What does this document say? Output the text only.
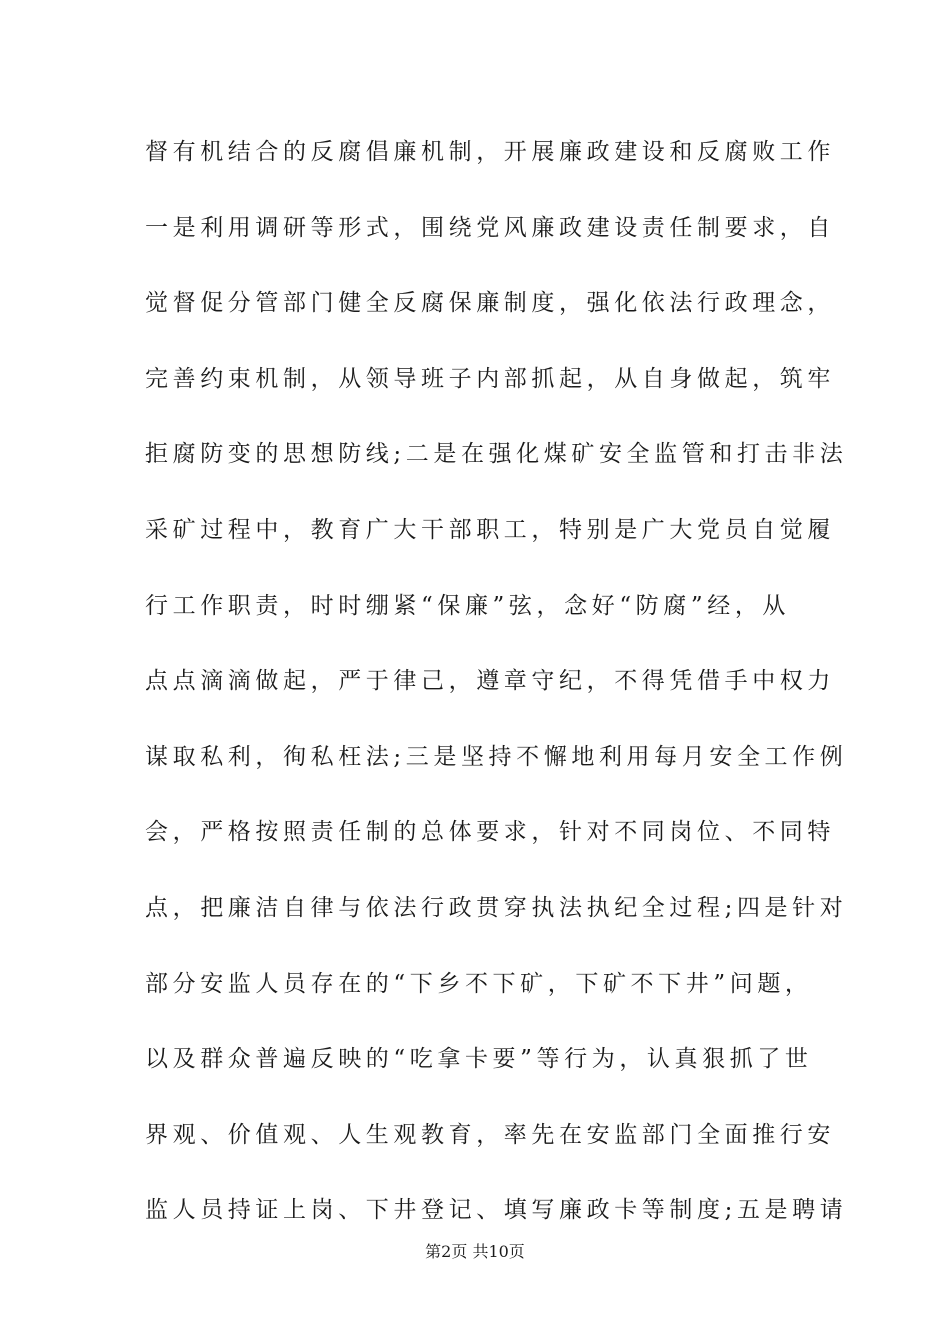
督有机结合的反腐倡廉机制，开展廉政建设和反腐败工作
一是利用调研等形式，围绕党风廉政建设责任制要求，自
觉督促分管部门健全反腐保廉制度，强化依法行政理念，
完善约束机制，从领导班子内部抓起，从自身做起，筑牢
拒腐防变的思想防线;二是在强化煤矿安全监管和打击非法
采矿过程中，教育广大干部职工，特别是广大党员自觉履
行工作职责，时时绷紧“保廉”弦，念好“防腐”经，从
点点滴滴做起，严于律己，遵章守纪，不得凭借手中权力
谋取私利，徇私枉法;三是坚持不懈地利用每月安全工作例
会，严格按照责任制的总体要求，针对不同岗位、不同特
点，把廉洁自律与依法行政贯穿执法执纪全过程;四是针对
部分安监人员存在的“下乡不下矿，下矿不下井”问题，
以及群众普遍反映的“吃拿卡要”等行为，认真狠抓了世
界观、价值观、人生观教育，率先在安监部门全面推行安
监人员持证上岗、下井登记、填写廉政卡等制度;五是聘请
第2页 共10页
